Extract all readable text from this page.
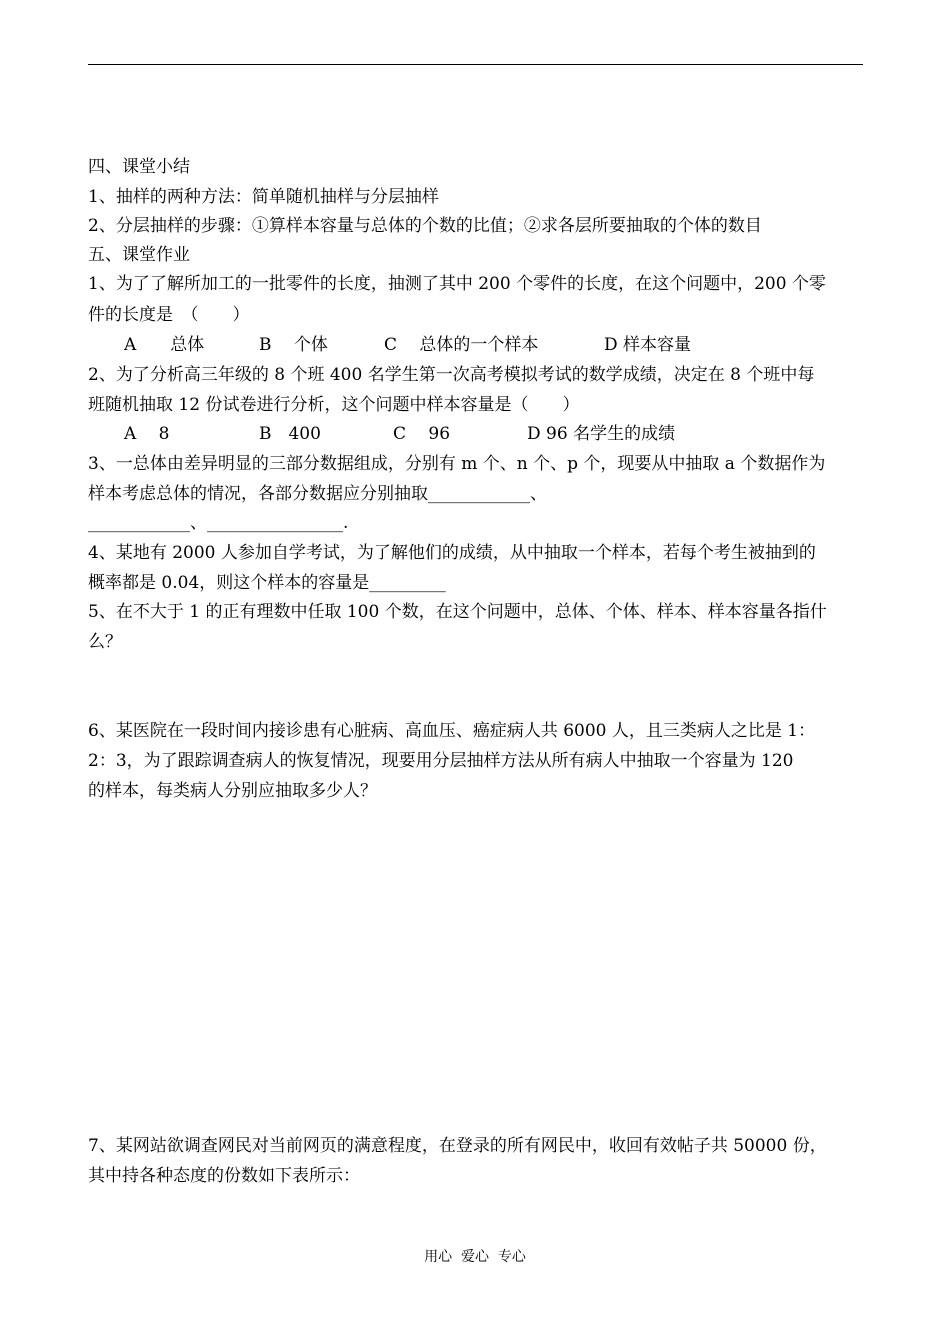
四、课堂小结
1、抽样的两种方法：简单随机抽样与分层抽样
2、分层抽样的步骤：①算样本容量与总体的个数的比值；②求各层所要抽取的个体的数目
五、课堂作业
1、为了了解所加工的一批零件的长度，抽测了其中 200 个零件的长度，在这个问题中，200 个零
件的长度是　（　　）
A　　总体	B　 个体	C　 总体的一个样本	D 样本容量
2、为了分析高三年级的 8 个班 400 名学生第一次高考模拟考试的数学成绩，决定在 8 个班中每
班随机抽取 12 份试卷进行分析，这个问题中样本容量是（　　）
A　 8	B　400	C　 96	D 96 名学生的成绩
3、一总体由差异明显的三部分数据组成，分别有 m 个、n 个、p 个，现要从中抽取 a 个数据作为
样本考虑总体的情况，各部分数据应分别抽取____________、
____________、________________.
4、某地有 2000 人参加自学考试，为了解他们的成绩，从中抽取一个样本，若每个考生被抽到的
概率都是 0.04，则这个样本的容量是_________
5、在不大于 1 的正有理数中任取 100 个数，在这个问题中，总体、个体、样本、样本容量各指什
么？
6、某医院在一段时间内接诊患有心脏病、高血压、癌症病人共 6000 人，且三类病人之比是 1：
2：3，为了跟踪调查病人的恢复情况，现要用分层抽样方法从所有病人中抽取一个容量为 120
的样本，每类病人分别应抽取多少人？
7、某网站欲调查网民对当前网页的满意程度，在登录的所有网民中，收回有效帖子共 50000 份，
其中持各种态度的份数如下表所示：
用心  爱心  专心
